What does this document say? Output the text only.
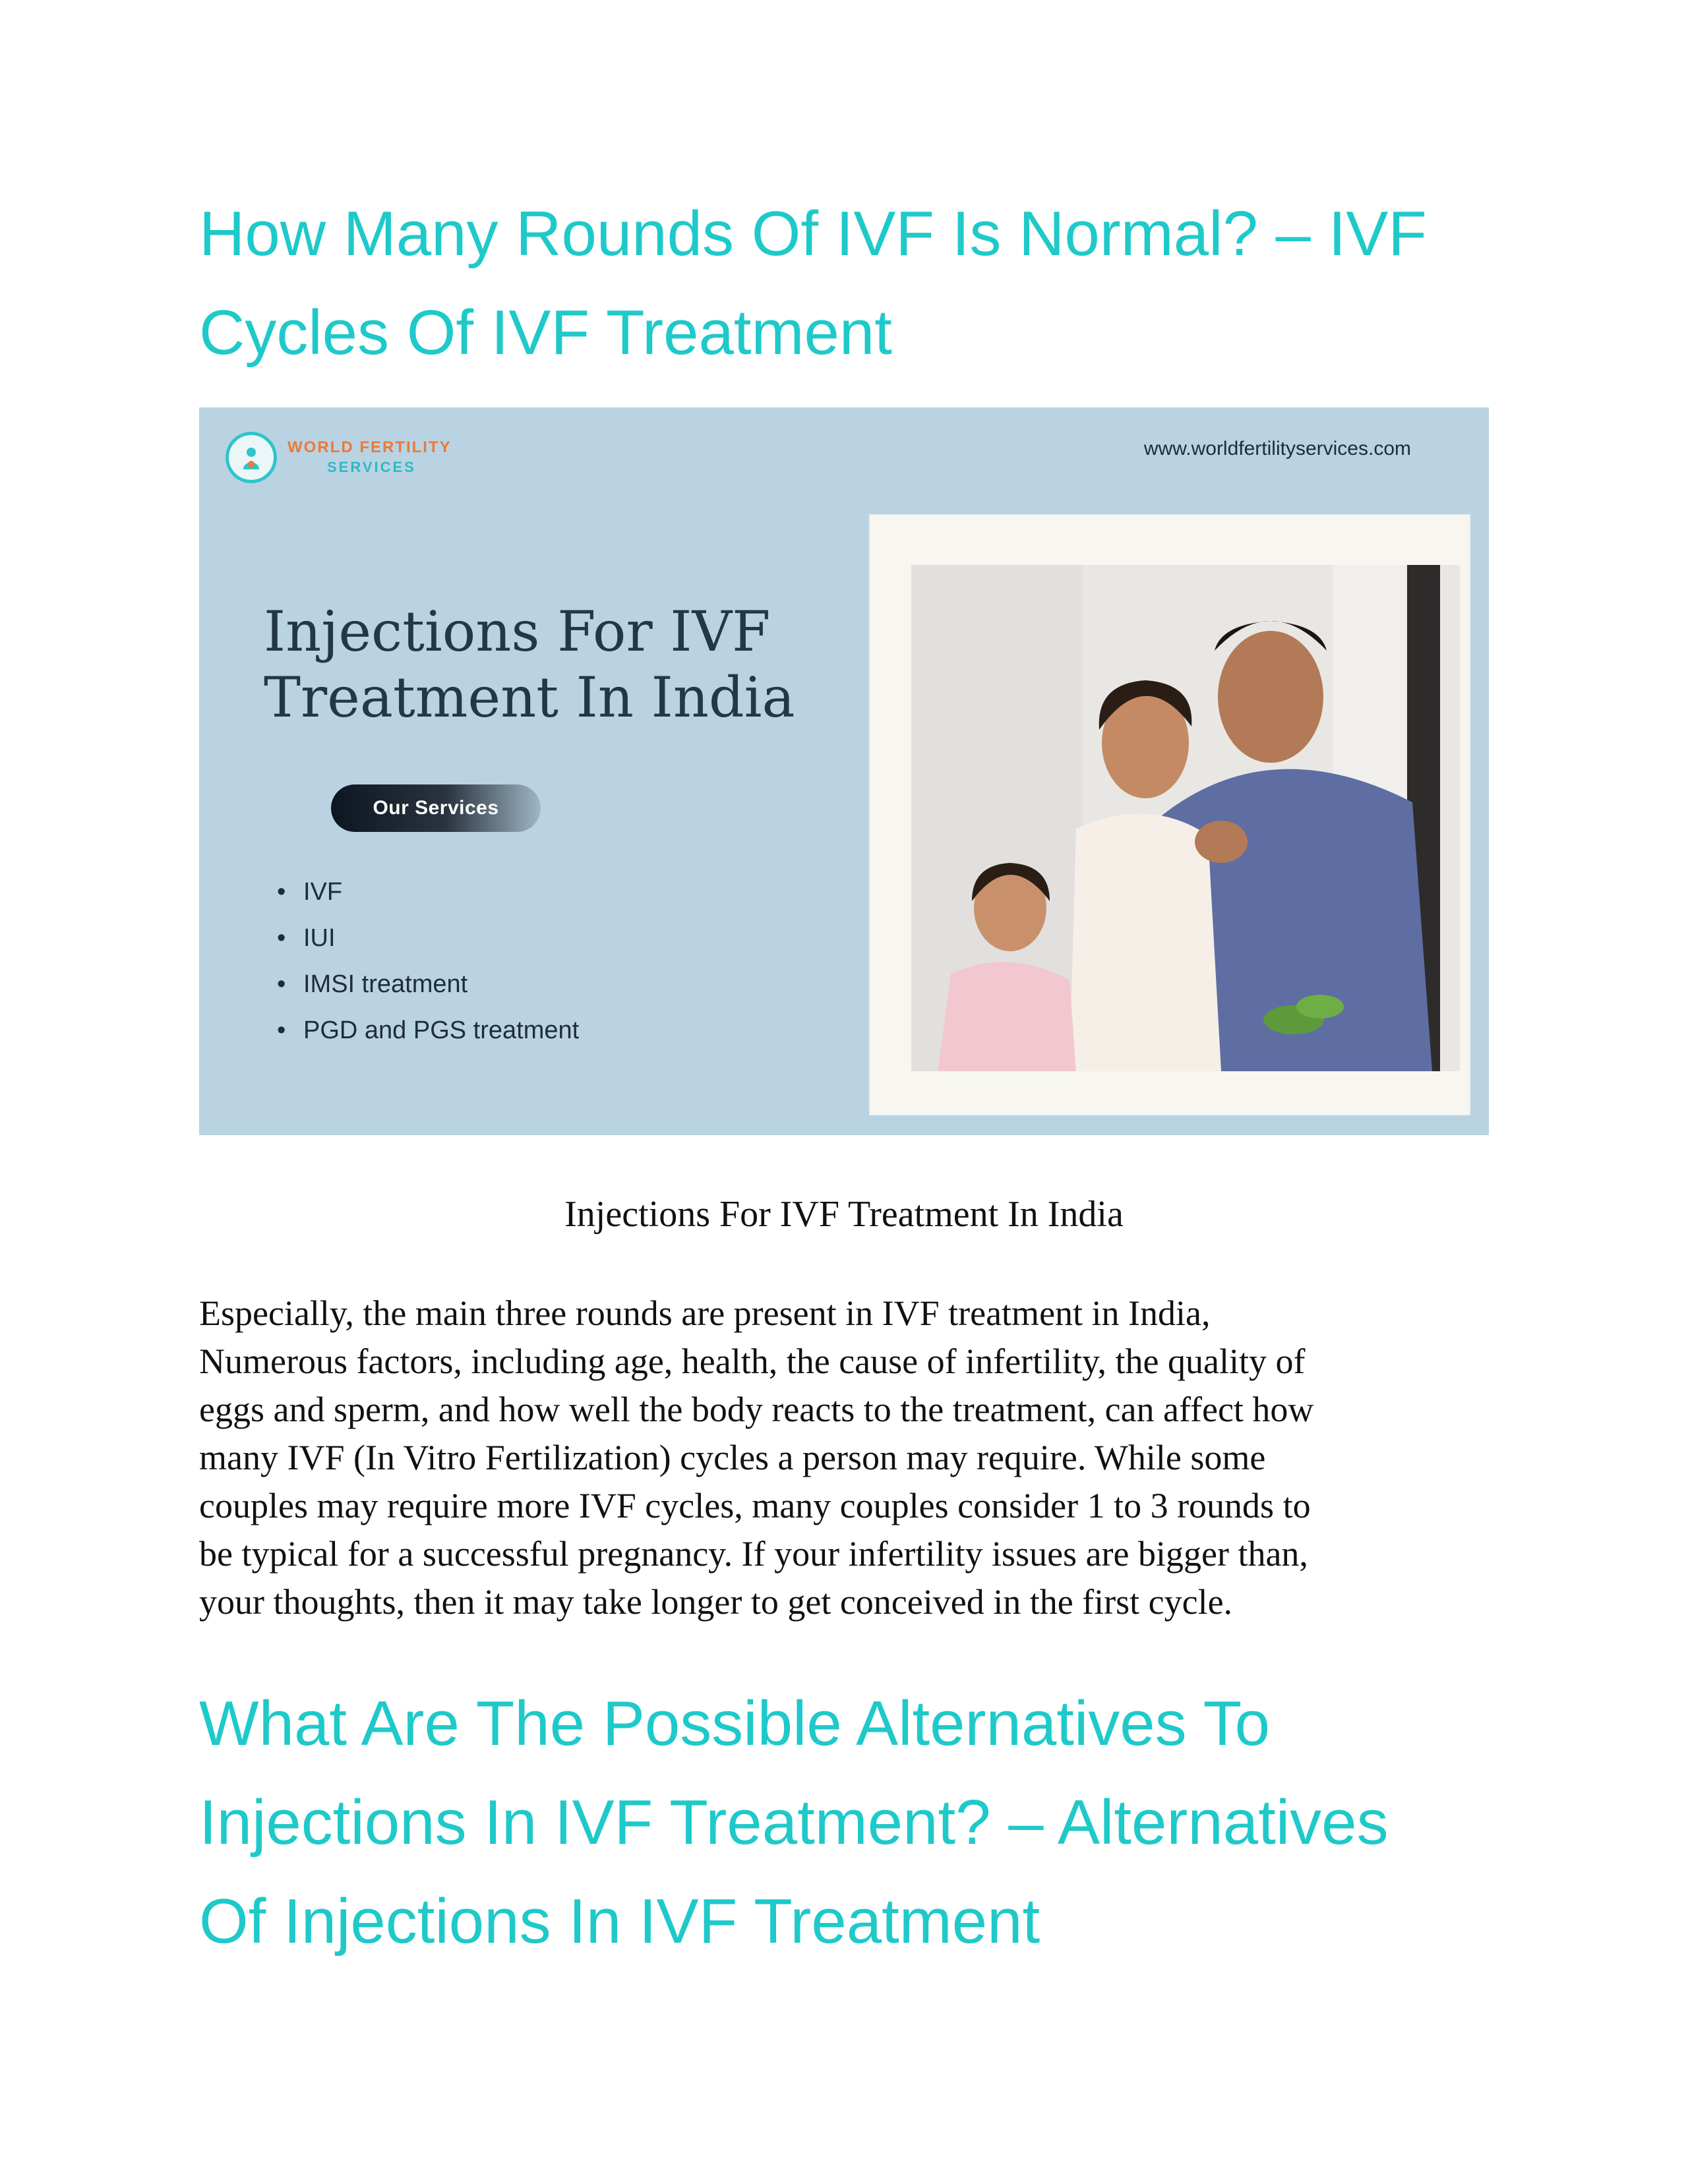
How Many Rounds Of IVF Is Normal? – IVF
Cycles Of IVF Treatment
WORLD FERTILITY
SERVICES
www.worldfertilityservices.com
Injections For IVF
Treatment In India
Our Services
• IVF
• IUI
• IMSI treatment
• PGD and PGS treatment
Injections For IVF Treatment In India
Especially, the main three rounds are present in IVF treatment in India,
Numerous factors, including age, health, the cause of infertility, the quality of
eggs and sperm, and how well the body reacts to the treatment, can affect how
many IVF (In Vitro Fertilization) cycles a person may require. While some
couples may require more IVF cycles, many couples consider 1 to 3 rounds to
be typical for a successful pregnancy. If your infertility issues are bigger than,
your thoughts, then it may take longer to get conceived in the first cycle.
What Are The Possible Alternatives To
Injections In IVF Treatment? – Alternatives
Of Injections In IVF Treatment
